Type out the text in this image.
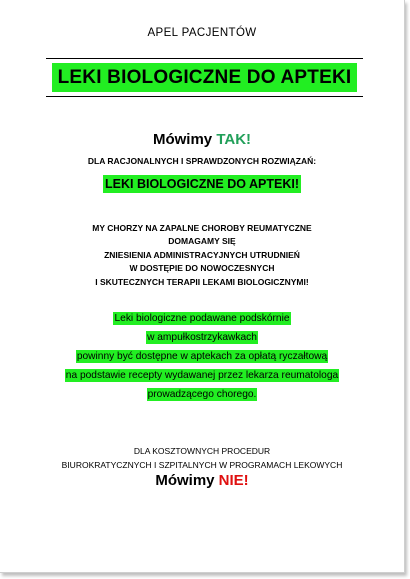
APEL PACJENTÓW
LEKI BIOLOGICZNE DO APTEKI
Mówimy TAK!
DLA RACJONALNYCH I SPRAWDZONYCH ROZWIĄZAŃ:
LEKI BIOLOGICZNE DO APTEKI!
MY CHORZY NA ZAPALNE CHOROBY REUMATYCZNE
DOMAGAMY SIĘ
ZNIESIENIA ADMINISTRACYJNYCH UTRUDNIEŃ
W DOSTĘPIE DO NOWOCZESNYCH
I SKUTECZNYCH TERAPII LEKAMI BIOLOGICZNYMI!
Leki biologiczne podawane podskórnie
w ampułkostrzykawkach
powinny być dostępne w aptekach za opłatą ryczałtową
na podstawie recepty wydawanej przez lekarza reumatologa
prowadzącego chorego.
DLA KOSZTOWNYCH PROCEDUR
BIUROKRATYCZNYCH I SZPITALNYCH W PROGRAMACH LEKOWYCH
Mówimy NIE!
